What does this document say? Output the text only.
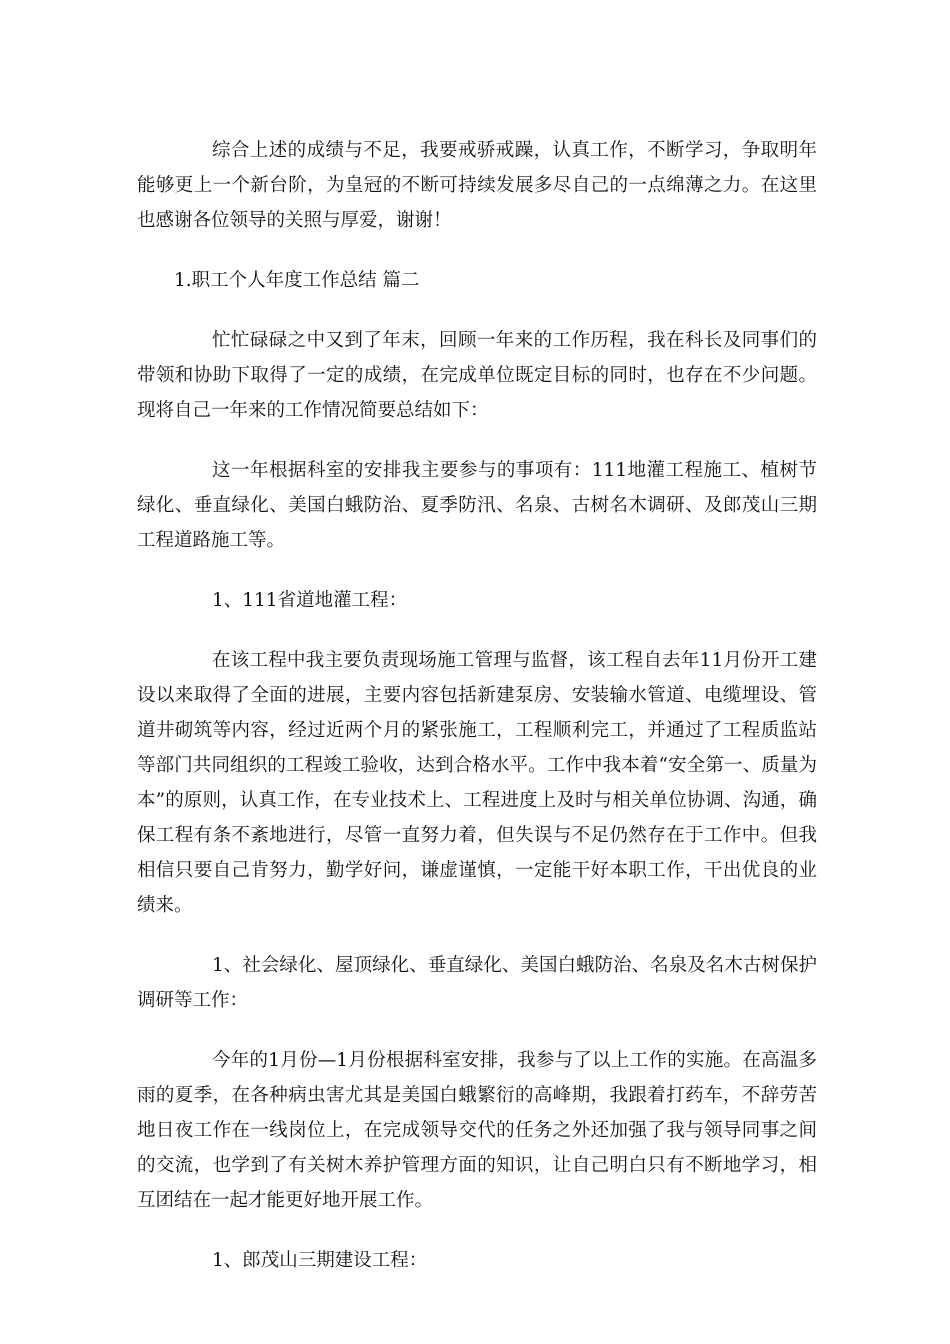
综合上述的成绩与不足，我要戒骄戒躁，认真工作，不断学习，争取明年能够更上一个新台阶，为皇冠的不断可持续发展多尽自己的一点绵薄之力。在这里也感谢各位领导的关照与厚爱，谢谢！

1.职工个人年度工作总结 篇二

忙忙碌碌之中又到了年末，回顾一年来的工作历程，我在科长及同事们的带领和协助下取得了一定的成绩，在完成单位既定目标的同时，也存在不少问题。现将自己一年来的工作情况简要总结如下：

这一年根据科室的安排我主要参与的事项有：111地灌工程施工、植树节绿化、垂直绿化、美国白蛾防治、夏季防汛、名泉、古树名木调研、及郎茂山三期工程道路施工等。

1、111省道地灌工程：

在该工程中我主要负责现场施工管理与监督，该工程自去年11月份开工建设以来取得了全面的进展，主要内容包括新建泵房、安装输水管道、电缆埋设、管道井砌筑等内容，经过近两个月的紧张施工，工程顺利完工，并通过了工程质监站等部门共同组织的工程竣工验收，达到合格水平。工作中我本着“安全第一、质量为本”的原则，认真工作，在专业技术上、工程进度上及时与相关单位协调、沟通，确保工程有条不紊地进行，尽管一直努力着，但失误与不足仍然存在于工作中。但我相信只要自己肯努力，勤学好问，谦虚谨慎，一定能干好本职工作，干出优良的业绩来。

1、社会绿化、屋顶绿化、垂直绿化、美国白蛾防治、名泉及名木古树保护调研等工作：

今年的1月份—1月份根据科室安排，我参与了以上工作的实施。在高温多雨的夏季，在各种病虫害尤其是美国白蛾繁衍的高峰期，我跟着打药车，不辞劳苦地日夜工作在一线岗位上，在完成领导交代的任务之外还加强了我与领导同事之间的交流，也学到了有关树木养护管理方面的知识，让自己明白只有不断地学习，相互团结在一起才能更好地开展工作。

1、郎茂山三期建设工程：
